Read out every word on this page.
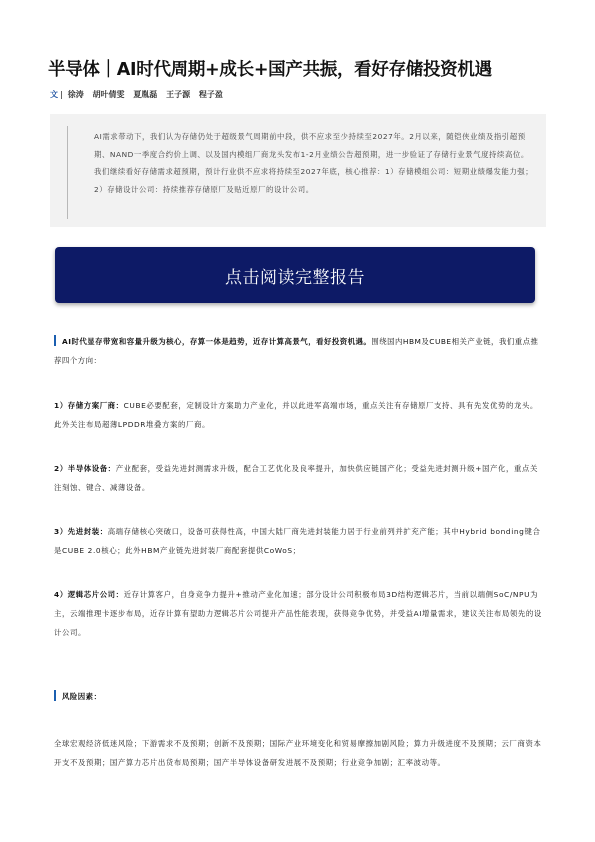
半导体｜AI时代周期+成长+国产共振，看好存储投资机遇
文 | 徐涛 胡叶倩雯 夏胤磊 王子源 程子盈
AI需求带动下，我们认为存储仍处于超级景气周期前中段，供不应求至少持续至2027年。2月以来，随铠侠业绩及指引超预期、NAND一季度合约价上调、以及国内模组厂商龙头发布1-2月业绩公告超预期，进一步验证了存储行业景气度持续高位。我们继续看好存储需求超预期，预计行业供不应求将持续至2027年底，核心推荐：1）存储模组公司：短期业绩爆发能力强；2）存储设计公司：持续推荐存储原厂及贴近原厂的设计公司。
点击阅读完整报告
AI时代显存带宽和容量升级为核心，存算一体是趋势，近存计算高景气，看好投资机遇。围绕国内HBM及CUBE相关产业链，我们重点推荐四个方向：
1）存储方案厂商：CUBE必要配套，定制设计方案助力产业化，并以此进军高端市场，重点关注有存储原厂支持、具有先发优势的龙头。此外关注布局超薄LPDDR堆叠方案的厂商。
2）半导体设备：产业配套，受益先进封测需求升级，配合工艺优化及良率提升，加快供应链国产化；受益先进封测升级+国产化，重点关注刻蚀、键合、减薄设备。
3）先进封装：高端存储核心突破口，设备可获得性高，中国大陆厂商先进封装能力居于行业前列并扩充产能；其中Hybrid bonding键合是CUBE 2.0核心；此外HBM产业链先进封装厂商配套提供CoWoS；
4）逻辑芯片公司：近存计算客户，自身竞争力提升+推动产业化加速；部分设计公司积极布局3D结构逻辑芯片，当前以端侧SoC/NPU为主，云端推理卡逐步布局，近存计算有望助力逻辑芯片公司提升产品性能表现，获得竞争优势，并受益AI增量需求，建议关注布局领先的设计公司。
风险因素：
全球宏观经济低迷风险；下游需求不及预期；创新不及预期；国际产业环境变化和贸易摩擦加剧风险；算力升级进度不及预期；云厂商资本开支不及预期；国产算力芯片出货布局预期；国产半导体设备研发进展不及预期；行业竞争加剧；汇率波动等。
